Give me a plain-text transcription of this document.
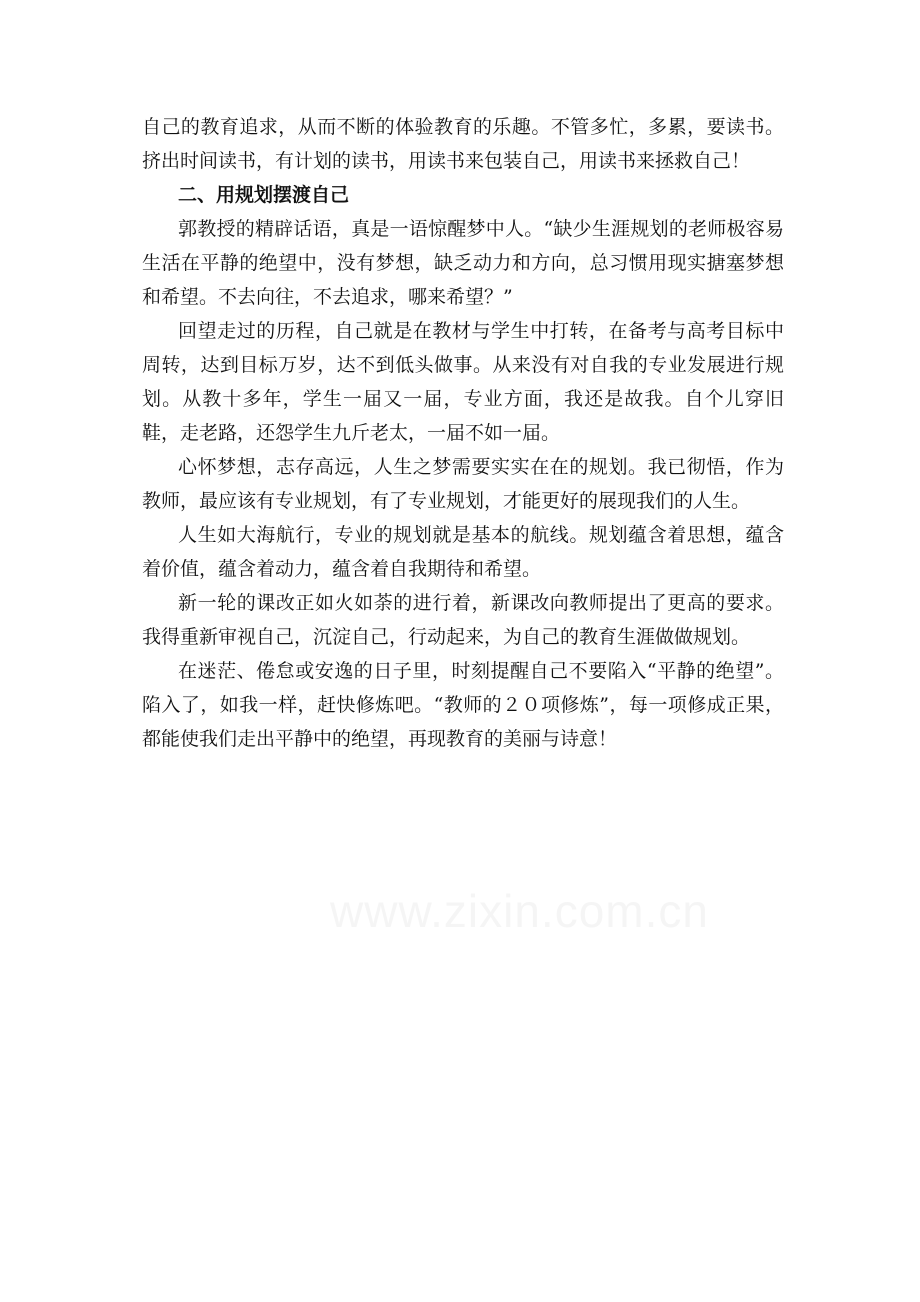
自己的教育追求，从而不断的体验教育的乐趣。不管多忙，多累，要读书。挤出时间读书，有计划的读书，用读书来包装自己，用读书来拯救自己！

二、用规划摆渡自己

郭教授的精辟话语，真是一语惊醒梦中人。“缺少生涯规划的老师极容易生活在平静的绝望中，没有梦想，缺乏动力和方向，总习惯用现实搪塞梦想和希望。不去向往，不去追求，哪来希望？”

回望走过的历程，自己就是在教材与学生中打转，在备考与高考目标中周转，达到目标万岁，达不到低头做事。从来没有对自我的专业发展进行规划。从教十多年，学生一届又一届，专业方面，我还是故我。自个儿穿旧鞋，走老路，还怨学生九斤老太，一届不如一届。

心怀梦想，志存高远，人生之梦需要实实在在的规划。我已彻悟，作为教师，最应该有专业规划，有了专业规划，才能更好的展现我们的人生。

人生如大海航行，专业的规划就是基本的航线。规划蕴含着思想，蕴含着价值，蕴含着动力，蕴含着自我期待和希望。

新一轮的课改正如火如荼的进行着，新课改向教师提出了更高的要求。我得重新审视自己，沉淀自己，行动起来，为自己的教育生涯做做规划。

在迷茫、倦怠或安逸的日子里，时刻提醒自己不要陷入“平静的绝望”。陷入了，如我一样，赶快修炼吧。“教师的２０项修炼”，每一项修成正果，都能使我们走出平静中的绝望，再现教育的美丽与诗意！

www.zixin.com.cn
